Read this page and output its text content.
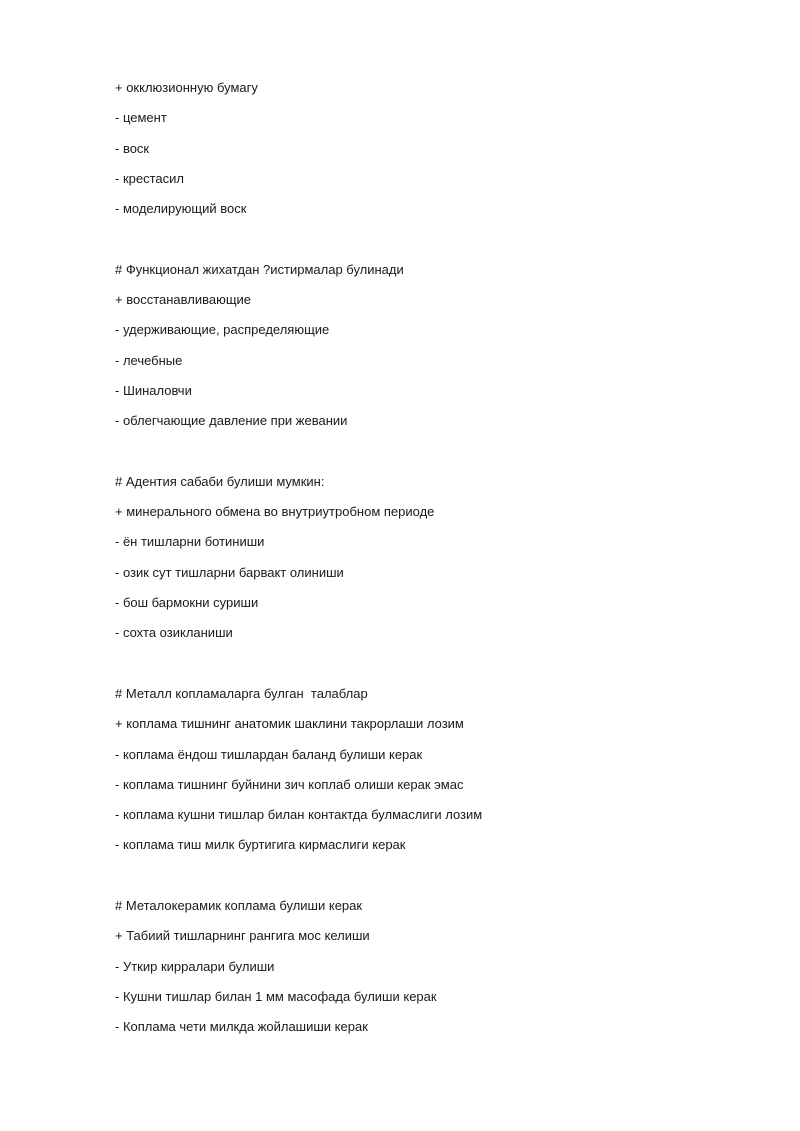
+ окклюзионную бумагу
- цемент
- воск
- крестасил
- моделирующий воск
# Функционал жихатдан ?истирмалар булинади
+ восстанавливающие
- удерживающие, распределяющие
- лечебные
- Шиналовчи
- облегчающие давление при жевании
# Адентия сабаби булиши мумкин:
+ минерального обмена во внутриутробном периоде
- ён тишларни ботиниши
- озик сут тишларни барвакт олиниши
- бош бармокни суриши
- сохта озикланиши
# Металл копламаларга булган  талаблар
+ коплама тишнинг анатомик шаклини такрорлаши лозим
- коплама ёндош тишлардан баланд булиши керак
- коплама тишнинг буйнини зич коплаб олиши керак эмас
- коплама кушни тишлар билан контактда булмаслиги лозим
- коплама тиш милк буртигига кирмаслиги керак
# Металокерамик коплама булиши керак
+ Табиий тишларнинг рангига мос келиши
- Уткир кирралари булиши
- Кушни тишлар билан 1 мм масофада булиши керак
- Коплама чети милкда жойлашиши керак
